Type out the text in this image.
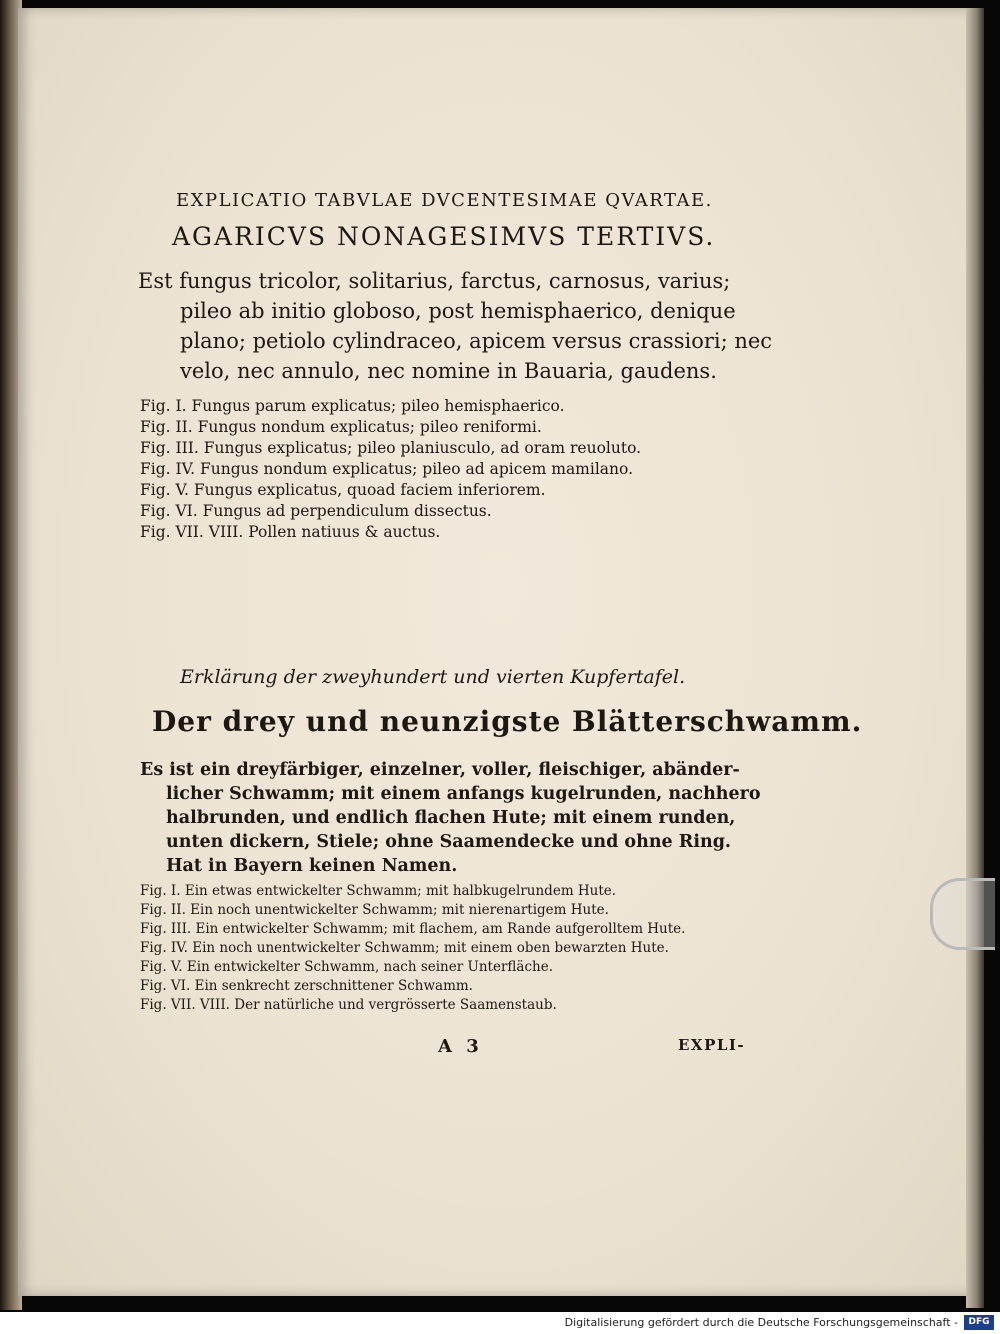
EXPLICATIO TABVLAE DVCENTESIMAE QVARTAE.
AGARICVS NONAGESIMVS TERTIVS.
Est fungus tricolor, solitarius, farctus, carnosus, varius;
pileo ab initio globoso, post hemisphaerico, denique
plano; petiolo cylindraceo, apicem versus crassiori; nec
velo, nec annulo, nec nomine in Bauaria, gaudens.
Fig. I. Fungus parum explicatus; pileo hemisphaerico.
Fig. II. Fungus nondum explicatus; pileo reniformi.
Fig. III. Fungus explicatus; pileo planiusculo, ad oram reuoluto.
Fig. IV. Fungus nondum explicatus; pileo ad apicem mamilano.
Fig. V. Fungus explicatus, quoad faciem inferiorem.
Fig. VI. Fungus ad perpendiculum dissectus.
Fig. VII. VIII. Pollen natiuus & auctus.
Erklärung der zweyhundert und vierten Kupfertafel.
Der drey und neunzigste Blätterschwamm.
Es ist ein dreyfärbiger, einzelner, voller, fleischiger, abänder-
licher Schwamm; mit einem anfangs kugelrunden, nachhero
halbrunden, und endlich flachen Hute; mit einem runden,
unten dickern, Stiele; ohne Saamendecke und ohne Ring.
Hat in Bayern keinen Namen.
Fig. I. Ein etwas entwickelter Schwamm; mit halbkugelrundem Hute.
Fig. II. Ein noch unentwickelter Schwamm; mit nierenartigem Hute.
Fig. III. Ein entwickelter Schwamm; mit flachem, am Rande aufgerolltem Hute.
Fig. IV. Ein noch unentwickelter Schwamm; mit einem oben bewarzten Hute.
Fig. V. Ein entwickelter Schwamm, nach seiner Unterfläche.
Fig. VI. Ein senkrecht zerschnittener Schwamm.
Fig. VII. VIII. Der natürliche und vergrösserte Saamenstaub.
A 3	EXPLI-
Digitalisierung gefördert durch die Deutsche Forschungsgemeinschaft -	DFG
